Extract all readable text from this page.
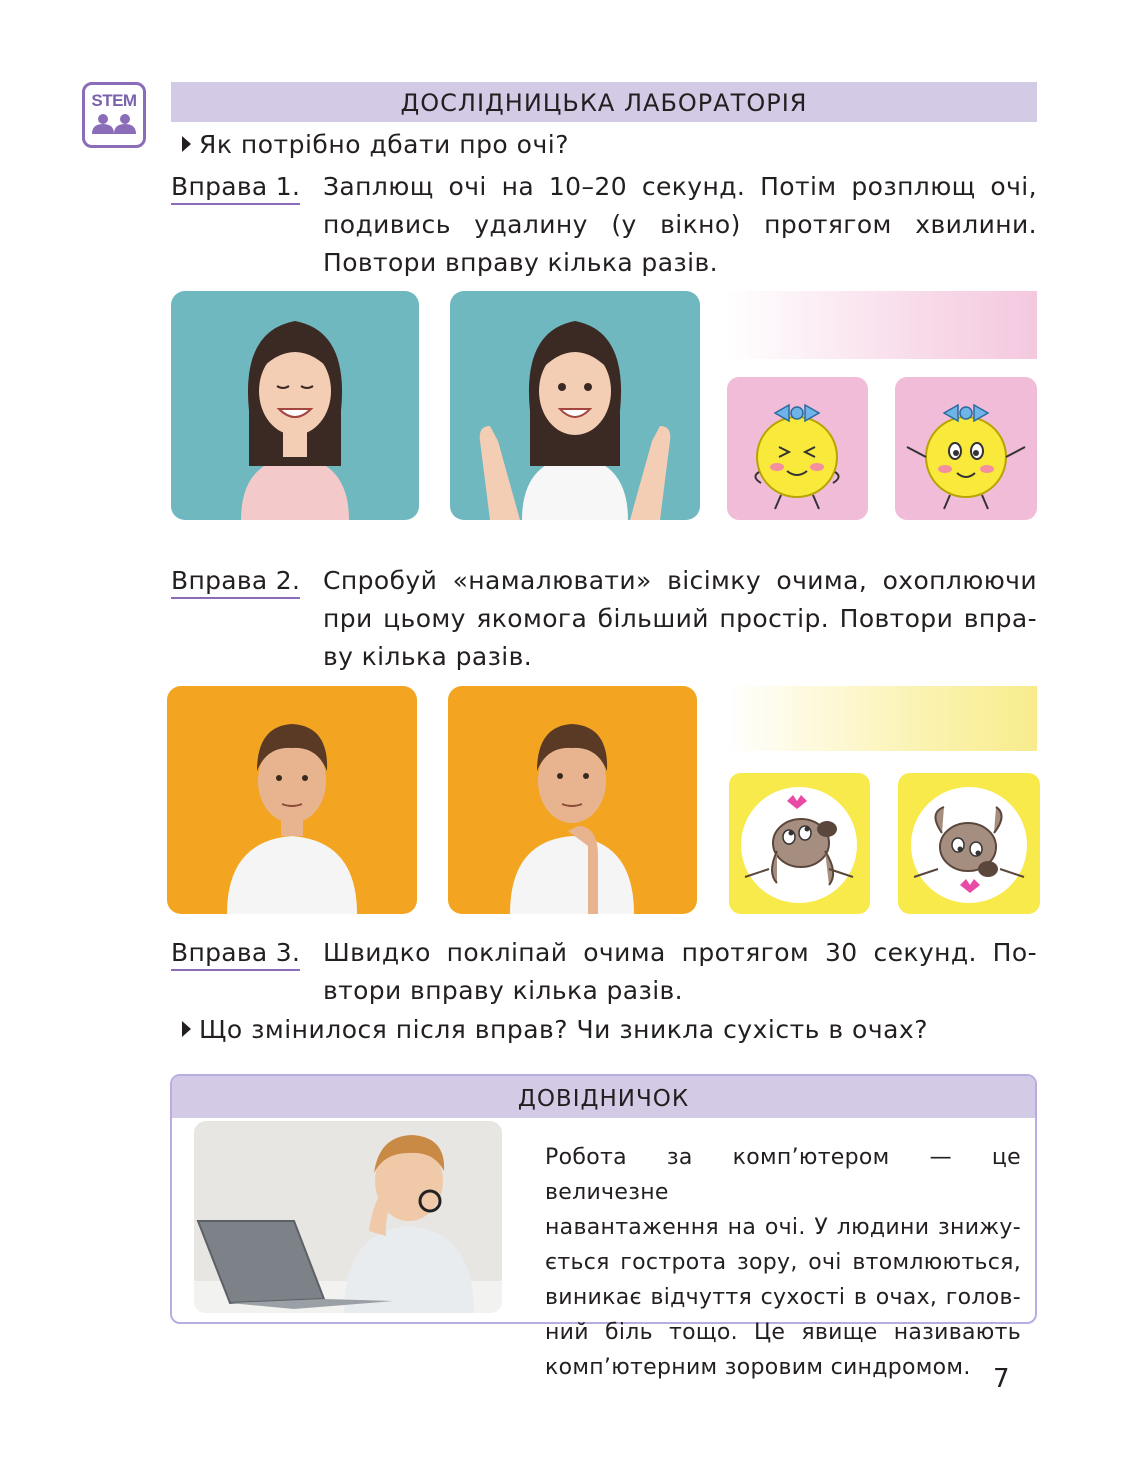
STEM	ДОСЛІДНИЦЬКА ЛАБОРАТОРІЯ
Як потрібно дбати про очі?
Вправа 1. Заплющ очі на 10–20 секунд. Потім розплющ очі,
подивись удалину (у вікно) протягом хвилини.
Повтори вправу кілька разів.
Вправа 2. Спробуй «намалювати» вісімку очима, охоплюючи
при цьому якомога більший простір. Повтори впра-
ву кілька разів.
Вправа 3. Швидко покліпай очима протягом 30 секунд. По-
втори вправу кілька разів.
Що змінилося після вправ? Чи зникла сухість в очах?
ДОВІДНИЧОК
Робота за комп’ютером — це величезне
навантаження на очі. У людини знижу-
ється гострота зору, очі втомлюються,
виникає відчуття сухості в очах, голов-
ний біль тощо. Це явище називають
комп’ютерним зоровим синдромом. 7
